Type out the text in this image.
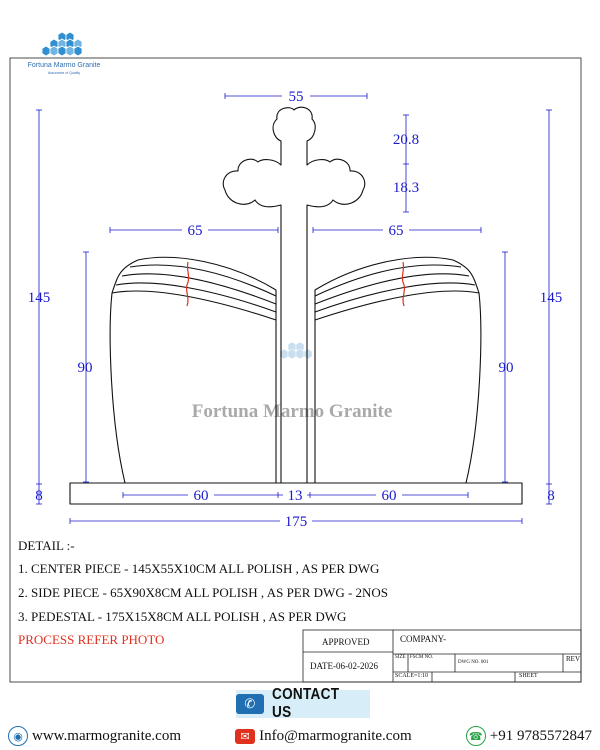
Fortuna Marmo Granite
Assurance of Quality
Fortuna Marmo Granite
55
20.8
18.3
65	65
145	145
90	90
8	8
60	13	60
175
DETAIL :-
1. CENTER PIECE - 145X55X10CM ALL POLISH , AS PER DWG
2. SIDE PIECE - 65X90X8CM ALL POLISH , AS PER DWG - 2NOS
3. PEDESTAL - 175X15X8CM ALL POLISH , AS PER DWG
PROCESS REFER PHOTO	APPROVED
DATE-06-02-2026
COMPANY-
SIZE FSCM NO.
DWG NO. 001	REV
SCALE=1:10	SHEET
✆
CONTACT US
◉ www.marmogranite.com	✉ Info@marmogranite.com	☎ +91 9785572847
